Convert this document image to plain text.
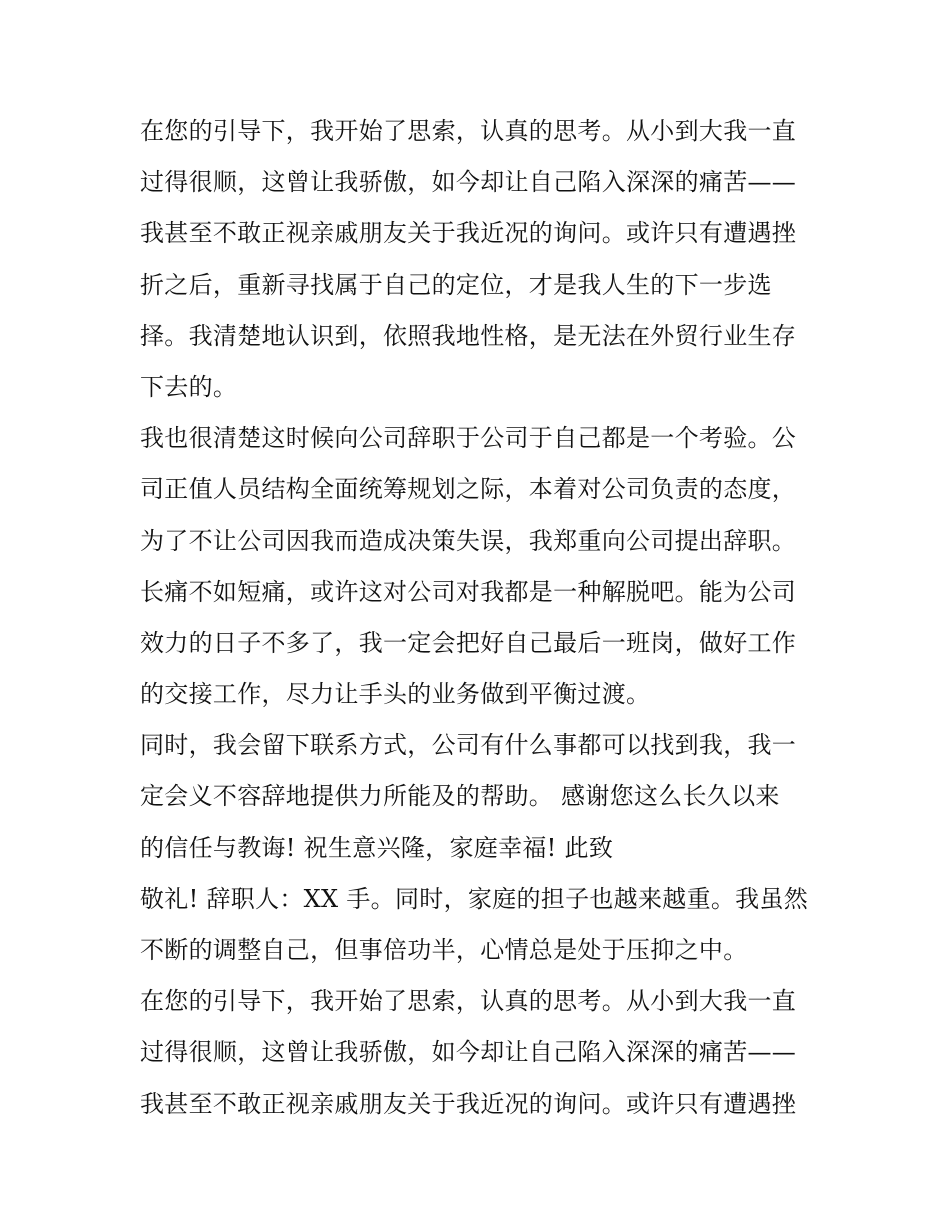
在您的引导下，我开始了思索，认真的思考。从小到大我一直
过得很顺，这曾让我骄傲，如今却让自己陷入深深的痛苦——
我甚至不敢正视亲戚朋友关于我近况的询问。或许只有遭遇挫
折之后，重新寻找属于自己的定位，才是我人生的下一步选
择。我清楚地认识到，依照我地性格，是无法在外贸行业生存
下去的。
我也很清楚这时候向公司辞职于公司于自己都是一个考验。公
司正值人员结构全面统筹规划之际，本着对公司负责的态度，
为了不让公司因我而造成决策失误，我郑重向公司提出辞职。
长痛不如短痛，或许这对公司对我都是一种解脱吧。能为公司
效力的日子不多了，我一定会把好自己最后一班岗，做好工作
的交接工作，尽力让手头的业务做到平衡过渡。
同时，我会留下联系方式，公司有什么事都可以找到我，我一
定会义不容辞地提供力所能及的帮助。 感谢您这么长久以来
的信任与教诲! 祝生意兴隆，家庭幸福! 此致
敬礼! 辞职人：XX 手。同时，家庭的担子也越来越重。我虽然
不断的调整自己，但事倍功半，心情总是处于压抑之中。
在您的引导下，我开始了思索，认真的思考。从小到大我一直
过得很顺，这曾让我骄傲，如今却让自己陷入深深的痛苦——
我甚至不敢正视亲戚朋友关于我近况的询问。或许只有遭遇挫
